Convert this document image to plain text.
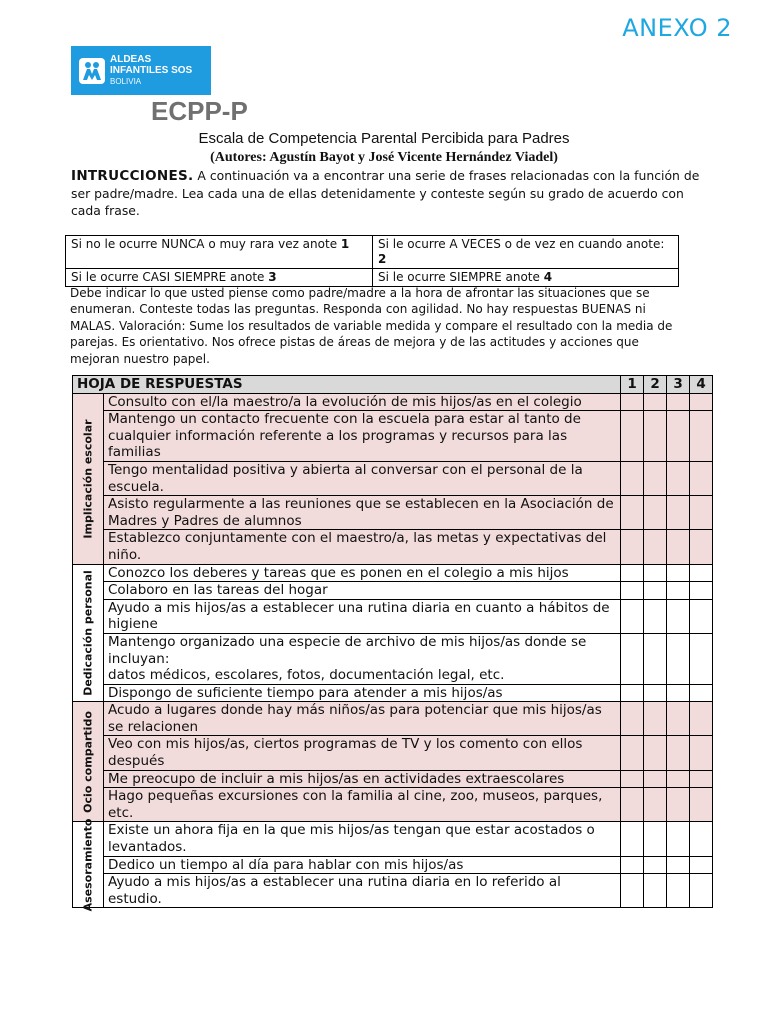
ANEXO 2
ALDEAS
INFANTILES SOS
BOLIVIA
ECPP-P
Escala de Competencia Parental Percibida para Padres
(Autores: Agustín Bayot y José Vicente Hernández Viadel)
INTRUCCIONES. A continuación va a encontrar una serie de frases relacionadas con la función de ser padre/madre. Lea cada una de ellas detenidamente y conteste según su grado de acuerdo con cada frase.
Si no le ocurre NUNCA o muy rara vez anote 1	Si le ocurre A VECES o de vez en cuando anote: 2
Si le ocurre CASI SIEMPRE anote 3	Si le ocurre SIEMPRE anote 4
Debe indicar lo que usted piense como padre/madre a la hora de afrontar las situaciones que se enumeran. Conteste todas las preguntas. Responda con agilidad. No hay respuestas BUENAS ni MALAS. Valoración: Sume los resultados de variable medida y compare el resultado con la media de parejas. Es orientativo. Nos ofrece pistas de áreas de mejora y de las actitudes y acciones que mejoran nuestro papel.
HOJA DE RESPUESTAS		1	2	3	4

Implicación escolar	Consulto con el/la maestro/a la evolución de mis hijos/as en el colegio				
	Mantengo un contacto frecuente con la escuela para estar al tanto de cualquier información referente a los programas y recursos para las familias				
	Tengo mentalidad positiva y abierta al conversar con el personal de la escuela.				
	Asisto regularmente a las reuniones que se establecen en la Asociación de Madres y Padres de alumnos				
	Establezco conjuntamente con el maestro/a, las metas y expectativas del niño.				

Dedicación personal	Conozco los deberes y tareas que es ponen en el colegio a mis hijos				
	Colaboro en las tareas del hogar				
	Ayudo a mis hijos/as a establecer una rutina diaria en cuanto a hábitos de higiene				
	Mantengo organizado una especie de archivo de mis hijos/as donde se incluyan:
datos médicos, escolares, fotos, documentación legal, etc.				
	Dispongo de suficiente tiempo para atender a mis hijos/as				

Ocio compartido	Acudo a lugares donde hay más niños/as para potenciar que mis hijos/as se relacionen				
	Veo con mis hijos/as, ciertos programas de TV y los comento con ellos después				
	Me preocupo de incluir a mis hijos/as en actividades extraescolares				
	Hago pequeñas excursiones con la familia al cine, zoo, museos, parques, etc.				

Asesoramiento	Existe un ahora fija en la que mis hijos/as tengan que estar acostados o levantados.				
	Dedico un tiempo al día para hablar con mis hijos/as				
	Ayudo a mis hijos/as a establecer una rutina diaria en lo referido al estudio.				
